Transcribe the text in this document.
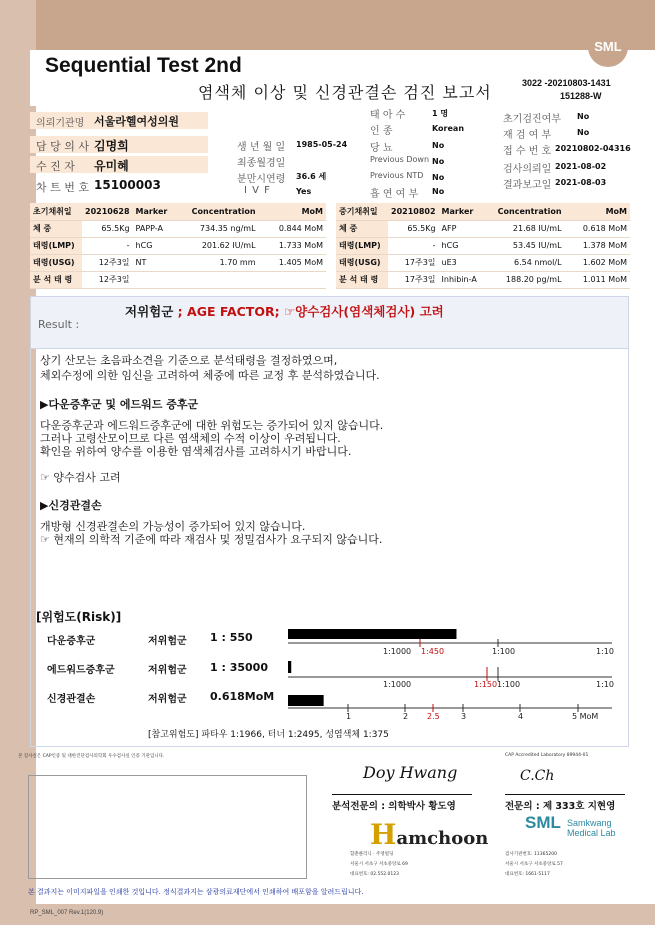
Sequential Test 2nd
염색체 이상 및 신경관결손 검진 보고서
SML
3022 -20210803-1431
151288-W
의뢰기관명 서울라헬여성의원
담 당 의 사 김명희
수 진 자 유미혜
차 트 번 호 15100003
생 년 월 일 1985-05-24
최종월경일
분만시연령 36.6 세
I V F	Yes
태 아 수	1 명
인 종	Korean
당 뇨	No
Previous Down No
Previous NTD No
흡 연 여 부 No
초기검진여부 No
재 검 여 부	No
접 수 번 호 20210802-04316
검사의뢰일 2021-08-02
결과보고일 2021-08-03
초기채취일	20210628	Marker	Concentration	MoM
체 중	65.5Kg	PAPP-A	734.35 ng/mL	0.844 MoM
태령(LMP)	-	hCG	201.62 IU/mL	1.733 MoM
태령(USG)	12주3일	NT	1.70 mm	1.405 MoM
분 석 태 령	12주3일			
중기채취일	20210802	Marker	Concentration	MoM
체 중	65.5Kg	AFP	21.68 IU/mL	0.618 MoM
태령(LMP)	-	hCG	53.45 IU/mL	1.378 MoM
태령(USG)	17주3일	uE3	6.54 nmol/L	1.602 MoM
분 석 태 령	17주3일	Inhibin-A	188.20 pg/mL	1.011 MoM
Result :
저위험군 ; AGE FACTOR; ☞양수검사(염색체검사) 고려
상기 산모는 초음파소견을 기준으로 분석태령을 결정하였으며,
체외수정에 의한 임신을 고려하여 체중에 따른 교정 후 분석하였습니다.
▶다운증후군 및 에드워드 증후군
다운증후군과 에드워드증후군에 대한 위험도는 증가되어 있지 않습니다.
그러나 고령산모이므로 다른 염색체의 수적 이상이 우려됩니다.
확인을 위하여 양수를 이용한 염색체검사를 고려하시기 바랍니다.
☞ 양수검사 고려
▶신경관결손
개방형 신경관결손의 가능성이 증가되어 있지 않습니다.
☞ 현재의 의학적 기준에 따라 재검사 및 정밀검사가 요구되지 않습니다.
[위험도(Risk)]
다운증후군	저위험군 1 : 550
에드워드증후군	저위험군 1 : 35000
신경관결손	저위험군 0.618MoM
1:1000 1:450	1:100	1:10
1:1000	1:150 1:100	1:10
1	2 2.5	3	4	5 MoM
[참고위험도] 파타우 1:1966, 터너 1:2495, 성염색체 1:375
본 검사실은 CAP인증 및 대한진단검사의학회 우수검사실 인증 기관입니다.	CAP Accredited Laboratory 89944-01
Doy Hwang	C.Ch
분석전문의 : 의학박사 황도영	전문의 : 제 333호 지현영
Hamchoon
함춘클리닉 · 주영빌딩
서울시 서초구 서초중앙로 69
대표번호: 02.552.0123
SML Samkwang
Medical Lab
검사기관번호: 11365200
서울시 서초구 서초중앙로 57
대표번호: 1661-5117
본 결과지는 이미지파일을 인쇄한 것입니다. 정식결과지는 삼광의료재단에서 인쇄하여 배포함을 알려드립니다.
RP_SML_007 Rev.1(120.9)
